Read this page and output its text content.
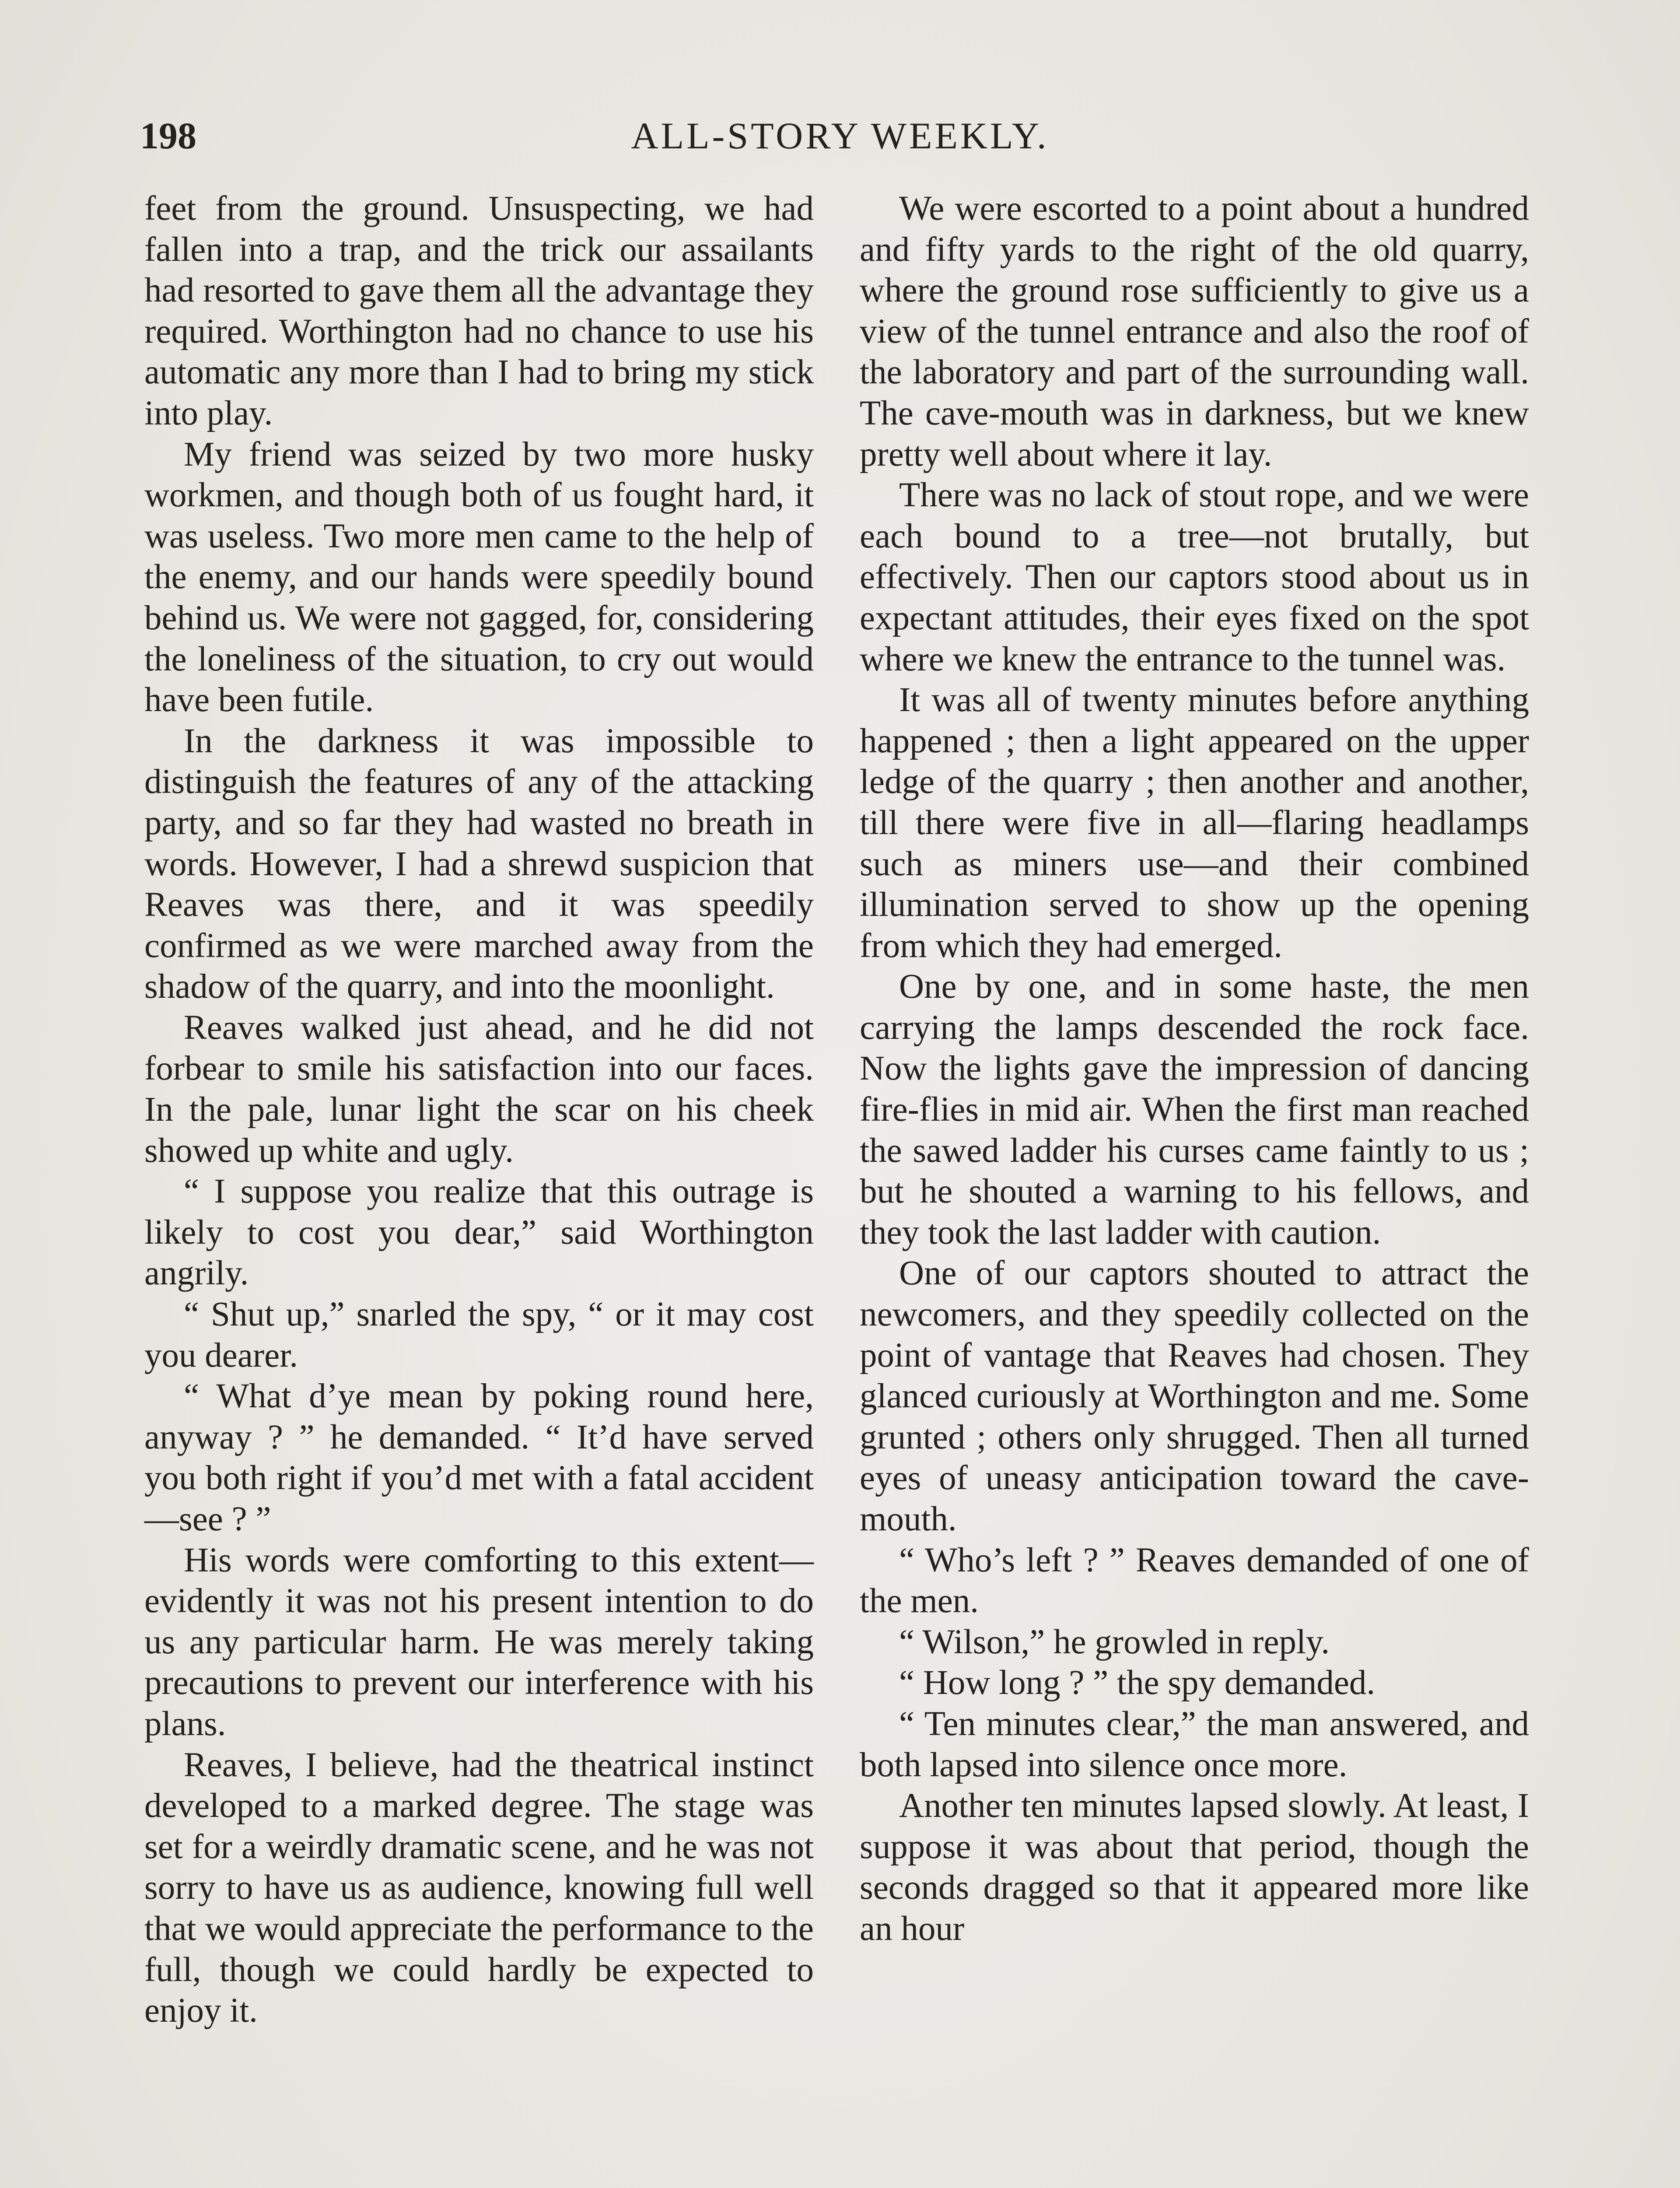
198	ALL-STORY WEEKLY.

feet from the ground. Unsuspecting, we had fallen into a trap, and the trick our assailants had resorted to gave them all the advantage they required. Worthington had no chance to use his automatic any more than I had to bring my stick into play.

My friend was seized by two more husky workmen, and though both of us fought hard, it was useless. Two more men came to the help of the enemy, and our hands were speedily bound behind us. We were not gagged, for, considering the loneliness of the situation, to cry out would have been futile.

In the darkness it was impossible to distinguish the features of any of the attacking party, and so far they had wasted no breath in words. However, I had a shrewd suspicion that Reaves was there, and it was speedily confirmed as we were marched away from the shadow of the quarry, and into the moonlight.

Reaves walked just ahead, and he did not forbear to smile his satisfaction into our faces. In the pale, lunar light the scar on his cheek showed up white and ugly.

“ I suppose you realize that this outrage is likely to cost you dear,” said Worthington angrily.

“ Shut up,” snarled the spy, “ or it may cost you dearer.

“ What d’ye mean by poking round here, anyway ? ” he demanded. “ It’d have served you both right if you’d met with a fatal accident—see ? ”

His words were comforting to this extent—evidently it was not his present intention to do us any particular harm. He was merely taking precautions to prevent our interference with his plans.

Reaves, I believe, had the theatrical instinct developed to a marked degree. The stage was set for a weirdly dramatic scene, and he was not sorry to have us as audience, knowing full well that we would appreciate the performance to the full, though we could hardly be expected to enjoy it.

We were escorted to a point about a hundred and fifty yards to the right of the old quarry, where the ground rose sufficiently to give us a view of the tunnel entrance and also the roof of the laboratory and part of the surrounding wall. The cave-mouth was in darkness, but we knew pretty well about where it lay.

There was no lack of stout rope, and we were each bound to a tree—not brutally, but effectively. Then our captors stood about us in expectant attitudes, their eyes fixed on the spot where we knew the entrance to the tunnel was.

It was all of twenty minutes before anything happened ; then a light appeared on the upper ledge of the quarry ; then another and another, till there were five in all—flaring headlamps such as miners use—and their combined illumination served to show up the opening from which they had emerged.

One by one, and in some haste, the men carrying the lamps descended the rock face. Now the lights gave the impression of dancing fire-flies in mid air. When the first man reached the sawed ladder his curses came faintly to us ; but he shouted a warning to his fellows, and they took the last ladder with caution.

One of our captors shouted to attract the newcomers, and they speedily collected on the point of vantage that Reaves had chosen. They glanced curiously at Worthington and me. Some grunted ; others only shrugged. Then all turned eyes of uneasy anticipation toward the cave-mouth.

“ Who’s left ? ” Reaves demanded of one of the men.

“ Wilson,” he growled in reply.

“ How long ? ” the spy demanded.

“ Ten minutes clear,” the man answered, and both lapsed into silence once more.

Another ten minutes lapsed slowly. At least, I suppose it was about that period, though the seconds dragged so that it appeared more like an hour
